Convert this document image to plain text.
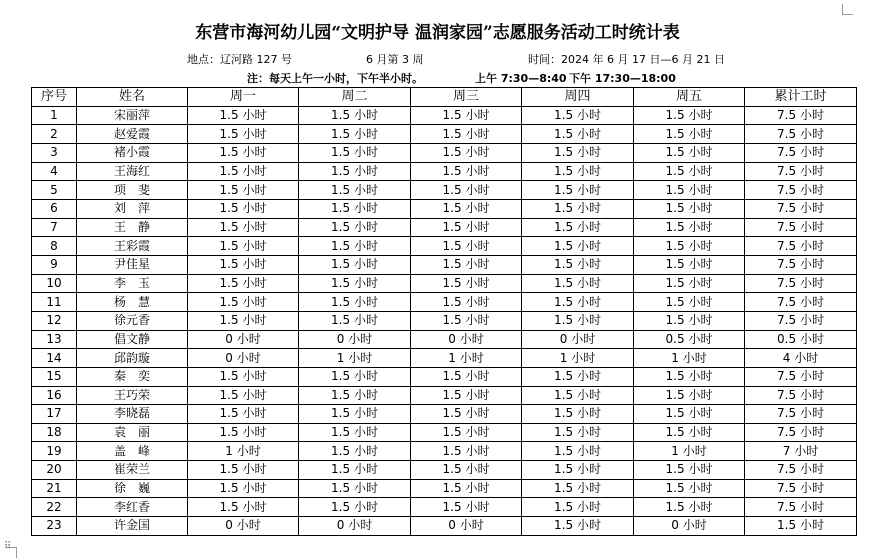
⠿
东营市海河幼儿园“文明护导 温润家园”志愿服务活动工时统计表
地点：辽河路 127 号	6 月第 3 周	时间：2024 年 6 月 17 日—6 月 21 日
注：每天上午一小时，下午半小时。	上午 7:30—8:40 下午 17:30—18:00
序号	姓名	周一	周二	周三	周四	周五	累计工时
1	宋丽萍	1.5 小时	1.5 小时	1.5 小时	1.5 小时	1.5 小时	7.5 小时
2	赵爱霞	1.5 小时	1.5 小时	1.5 小时	1.5 小时	1.5 小时	7.5 小时
3	褚小霞	1.5 小时	1.5 小时	1.5 小时	1.5 小时	1.5 小时	7.5 小时
4	王海红	1.5 小时	1.5 小时	1.5 小时	1.5 小时	1.5 小时	7.5 小时
5	项　斐	1.5 小时	1.5 小时	1.5 小时	1.5 小时	1.5 小时	7.5 小时
6	刘　萍	1.5 小时	1.5 小时	1.5 小时	1.5 小时	1.5 小时	7.5 小时
7	王　静	1.5 小时	1.5 小时	1.5 小时	1.5 小时	1.5 小时	7.5 小时
8	王彩霞	1.5 小时	1.5 小时	1.5 小时	1.5 小时	1.5 小时	7.5 小时
9	尹佳星	1.5 小时	1.5 小时	1.5 小时	1.5 小时	1.5 小时	7.5 小时
10	李　玉	1.5 小时	1.5 小时	1.5 小时	1.5 小时	1.5 小时	7.5 小时
11	杨　慧	1.5 小时	1.5 小时	1.5 小时	1.5 小时	1.5 小时	7.5 小时
12	徐元香	1.5 小时	1.5 小时	1.5 小时	1.5 小时	1.5 小时	7.5 小时
13	倡文静	0 小时	0 小时	0 小时	0 小时	0.5 小时	0.5 小时
14	邱韵璇	0 小时	1 小时	1 小时	1 小时	1 小时	4 小时
15	秦　奕	1.5 小时	1.5 小时	1.5 小时	1.5 小时	1.5 小时	7.5 小时
16	王巧荣	1.5 小时	1.5 小时	1.5 小时	1.5 小时	1.5 小时	7.5 小时
17	李晓磊	1.5 小时	1.5 小时	1.5 小时	1.5 小时	1.5 小时	7.5 小时
18	袁　丽	1.5 小时	1.5 小时	1.5 小时	1.5 小时	1.5 小时	7.5 小时
19	盖　峰	1 小时	1.5 小时	1.5 小时	1.5 小时	1 小时	7 小时
20	崔荣兰	1.5 小时	1.5 小时	1.5 小时	1.5 小时	1.5 小时	7.5 小时
21	徐　巍	1.5 小时	1.5 小时	1.5 小时	1.5 小时	1.5 小时	7.5 小时
22	李红香	1.5 小时	1.5 小时	1.5 小时	1.5 小时	1.5 小时	7.5 小时
23	许金国	0 小时	0 小时	0 小时	1.5 小时	0 小时	1.5 小时
